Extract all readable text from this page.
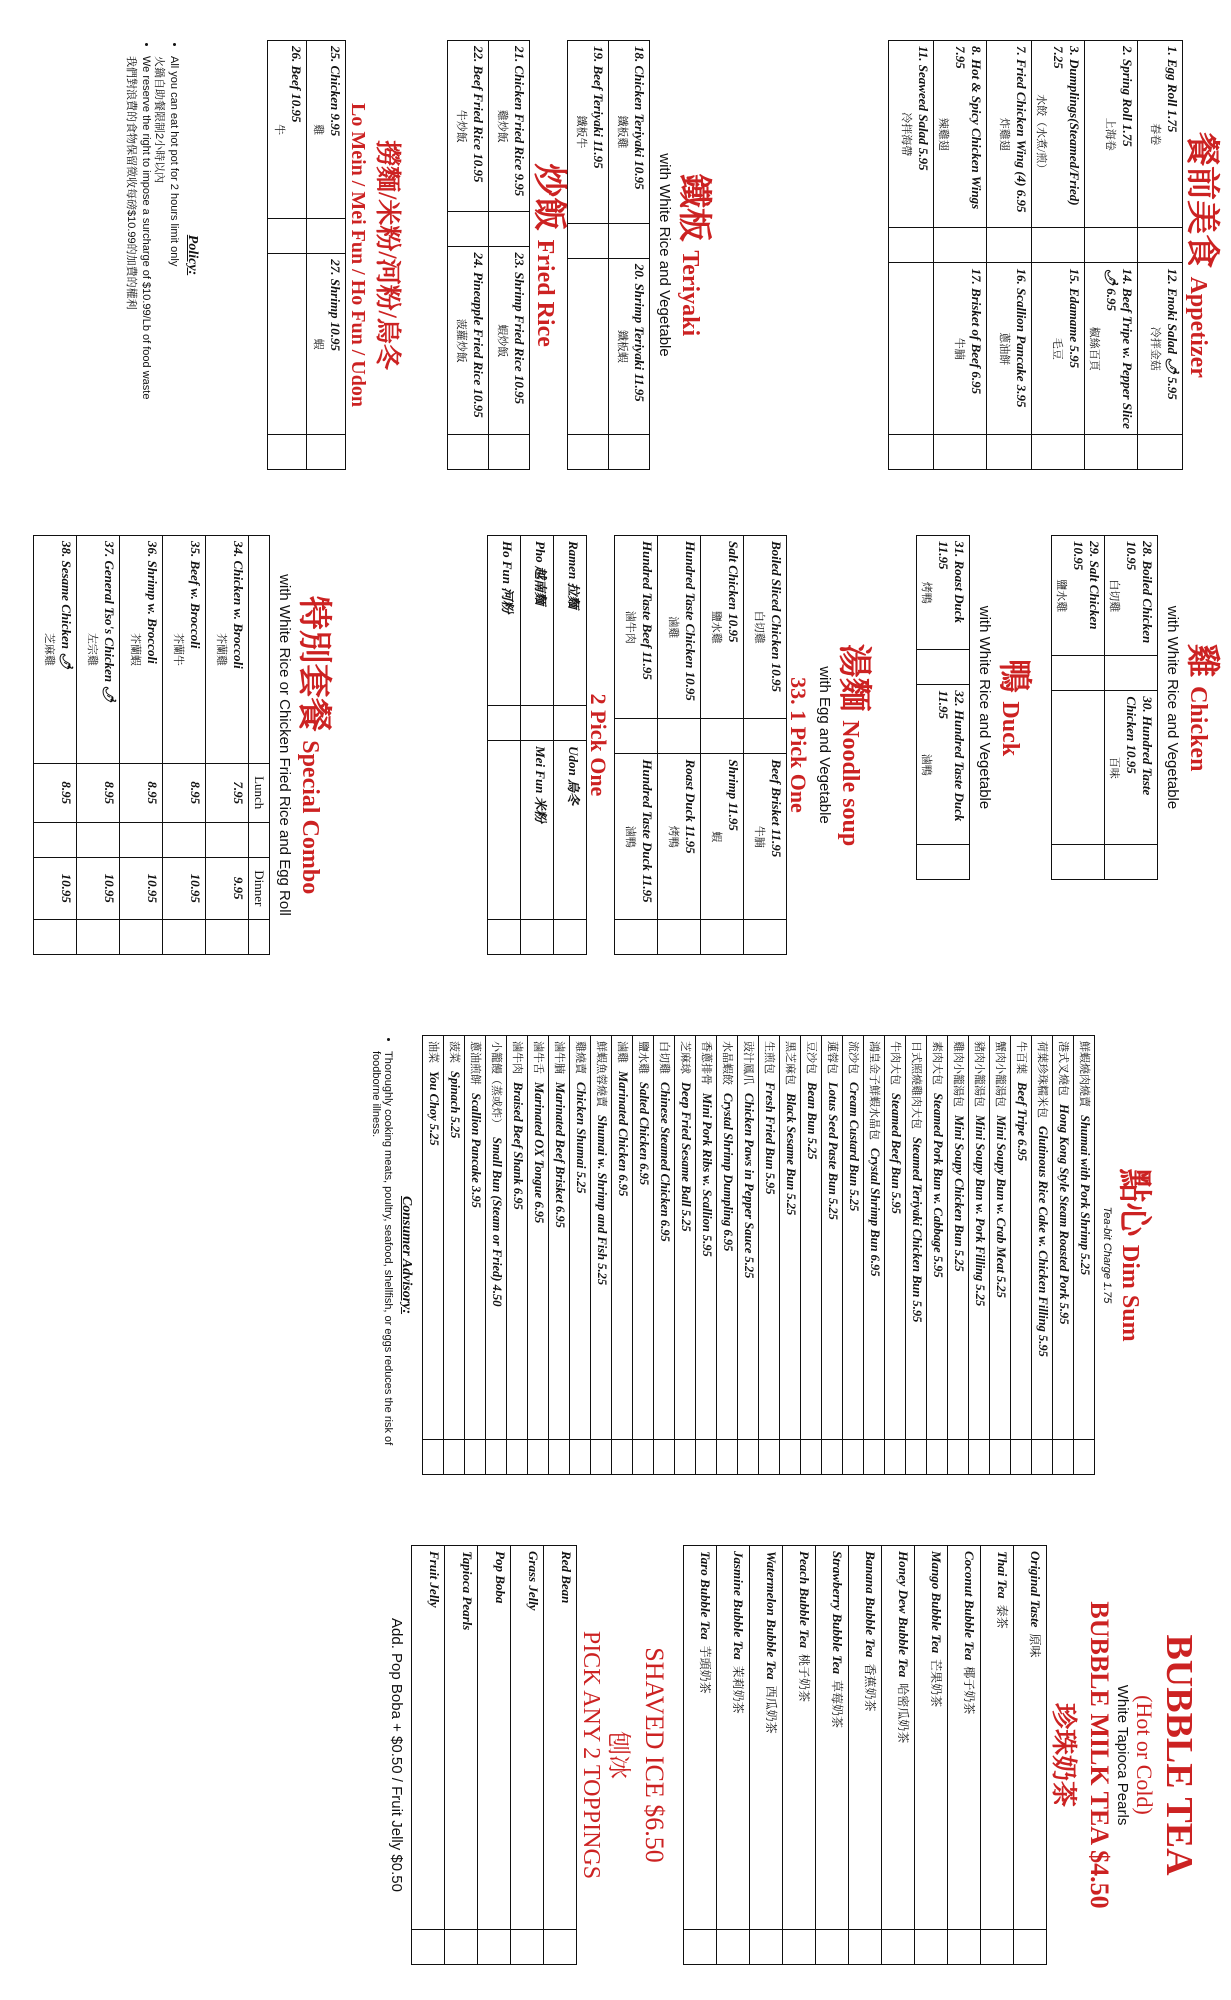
餐前美食 Appetizer
1. Egg Roll 1.75
春卷		12. Enoki Salad 🌶 5.95
冷拌金菇	

2. Spring Roll 1.75
上海卷		14. Beef Tripe w. Pepper Slice 🌶 6.95
椒絲百頁	

3. Dumplings(Steamed/Fried) 7.25
水餃（水煮/煎）		15. Edamame 5.95
毛豆	

7. Fried Chicken Wing (4) 6.95
炸雞翅		16. Scallion Pancake 3.95
蔥油餅	

8. Hot & Spicy Chicken Wings 7.95
辣雞翅		17. Brisket of Beef 6.95
牛腩	

11. Seaweed Salad 5.95
冷拌海帶			

鐵板 Teriyaki
with White Rice and Vegetable
18. Chicken Teriyaki 10.95
鐵板雞		20. Shrimp Teriyaki 11.95
鐵板蝦	

19. Beef Teriyaki 11.95
鐵板牛			

炒飯 Fried Rice
21. Chicken Fried Rice 9.95
雞炒飯		23. Shrimp Fried Rice 10.95
蝦炒飯	

22. Beef Fried Rice 10.95
牛炒飯		24. Pineapple Fried Rice 10.95
菠蘿炒飯	

撈麵/米粉/河粉/烏冬
Lo Mein / Mei Fun / Ho Fun / Udon
25. Chicken 9.95
雞		27. Shrimp 10.95
蝦	

26. Beef 10.95
牛			

Policy:
• All you can eat hot pot for 2 hours limit only
火鍋自助餐限制2小時以內
• We reserve the right to impose a surcharge of $10.99/Lb of food waste
我們對浪費的食物保留徵收每磅$10.99的加費的權利
雞 Chicken
with White Rice and Vegetable
28. Boiled Chicken 10.95
白切雞		30. Hundred Taste Chicken 10.95
百味	

29. Salt Chicken 10.95
鹽水雞			

鴨 Duck
with White Rice and Vegetable
31. Roast Duck 11.95
烤鴨
		32. Hundred Taste Duck 11.95
滷鴨

湯麵 Noodle soup
with Egg and Vegetable
33. 1 Pick One
Boiled Sliced Chicken 10.95
白切雞		Beef Brisket 11.95
牛腩	

Salt Chicken 10.95
鹽水雞		Shrimp 11.95
蝦	

Hundred Taste Chicken 10.95
滷雞		Roast Duck 11.95
烤鴨	

Hundred Taste Beef 11.95
滷牛肉		Hundred Taste Duck 11.95
滷鴨	

2 Pick One
Ramen 拉麵		Udon 烏冬	
Pho 越南麵		Mei Fun 米粉	
Ho Fun 河粉			
特別套餐 Special Combo
with White Rice or Chicken Fried Rice and Egg Roll
	Lunch		Dinner	
34. Chicken w. Broccoli
芥蘭雞	7.95		9.95	
35. Beef w. Broccoli
芥蘭牛	8.95		10.95	
36. Shrimp w. Broccoli
芥蘭蝦	8.95		10.95	
37. General Tso's Chicken 🌶
左宗雞	8.95		10.95	
38. Sesame Chicken 🌶
芝麻雞	8.95		10.95	
點心 Dim Sum
Tea-bit Charge 1.75
鮮蝦燒肉燒賣Shumai with Pork Shrimp 5.25	
港式叉燒包Hong Kong Style Steam Roasted Pork 5.95	
荷葉珍珠糯米包Glutinous Rice Cake w. Chicken Filling 5.95	
牛百葉Beef Tripe 6.95	
蟹肉小籠湯包Mini Soupy Bun w. Crab Meat 5.25	
豬肉小籠湯包Mini Soupy Bun w. Pork Filling 5.25	
雞肉小籠湯包Mini Soupy Chicken Bun 5.25	
素肉大包Steamed Pork Bun w. Cabbage 5.95	
日式照燒雞肉大包Steamed Teriyaki Chicken Bun 5.95	
牛肉大包Steamed Beef Bun 5.95	
鴻皇金子鮮蝦水晶包Crystal Shrimp Bun 6.95	
流沙包Cream Custard Bun 5.25	
蓮蓉包Lotus Seed Paste Bun 5.25	
豆沙包Bean Bun 5.25	
黑芝麻包Black Sesame Bun 5.25	
生煎包Fresh Fried Bun 5.95	
豉汁鳳爪Chicken Paws in Pepper Sauce 5.25	
水晶蝦餃Crystal Shrimp Dumpling 6.95	
香蔥排骨Mini Pork Ribs w. Scallion 5.95	
芝麻球Deep Fried Sesame Ball 5.25	
白切雞Chinese Steamed Chicken 6.95	
鹽水雞Salted Chicken 6.95	
滷雞Marinated Chicken 6.95	
鮮蝦魚蓉燒賣Shumai w. Shrimp and Fish 5.25	
雞燒賣Chicken Shumai 5.25	
滷牛腩Marinated Beef Brisket 6.95	
滷牛舌Marinated OX Tongue 6.95	
滷牛肉Braised Beef Shank 6.95	
小籠饅（蒸或炸）Small Bun (Steam or Fried) 4.50	
蔥油煎餅Scallion Pancake 3.95	
菠菜Spinach 5.25	
油菜You Choy 5.25	
Consumer Advisory:
• Thoroughly cooking meats, poultry, seafood, shellfish, or eggs reduces the risk of foodborne illness.
BUBBLE TEA
(Hot or Cold)
White Tapioca Pearls
BUBBLE MILK TEA $4.50
珍珠奶茶
Original Taste原味	
Thai Tea泰茶	
Coconut Bubble Tea椰子奶茶	
Mango Bubble Tea芒果奶茶	
Honey Dew Bubble Tea哈密瓜奶茶	
Banana Bubble Tea香蕉奶茶	
Strawberry Bubble Tea草莓奶茶	
Peach Bubble Tea桃子奶茶	
Watermelon Bubble Tea西瓜奶茶	
Jasmine Bubble Tea茉莉奶茶	
Taro Bubble Tea芋頭奶茶	
SHAVED ICE $6.50
刨冰
PICK ANY 2 TOPPINGS
Red Bean	
Grass Jelly	
Pop Boba	
Tapioca Pearls	
Fruit Jelly	
Add. Pop Boba + $0.50 / Fruit Jelly $0.50
